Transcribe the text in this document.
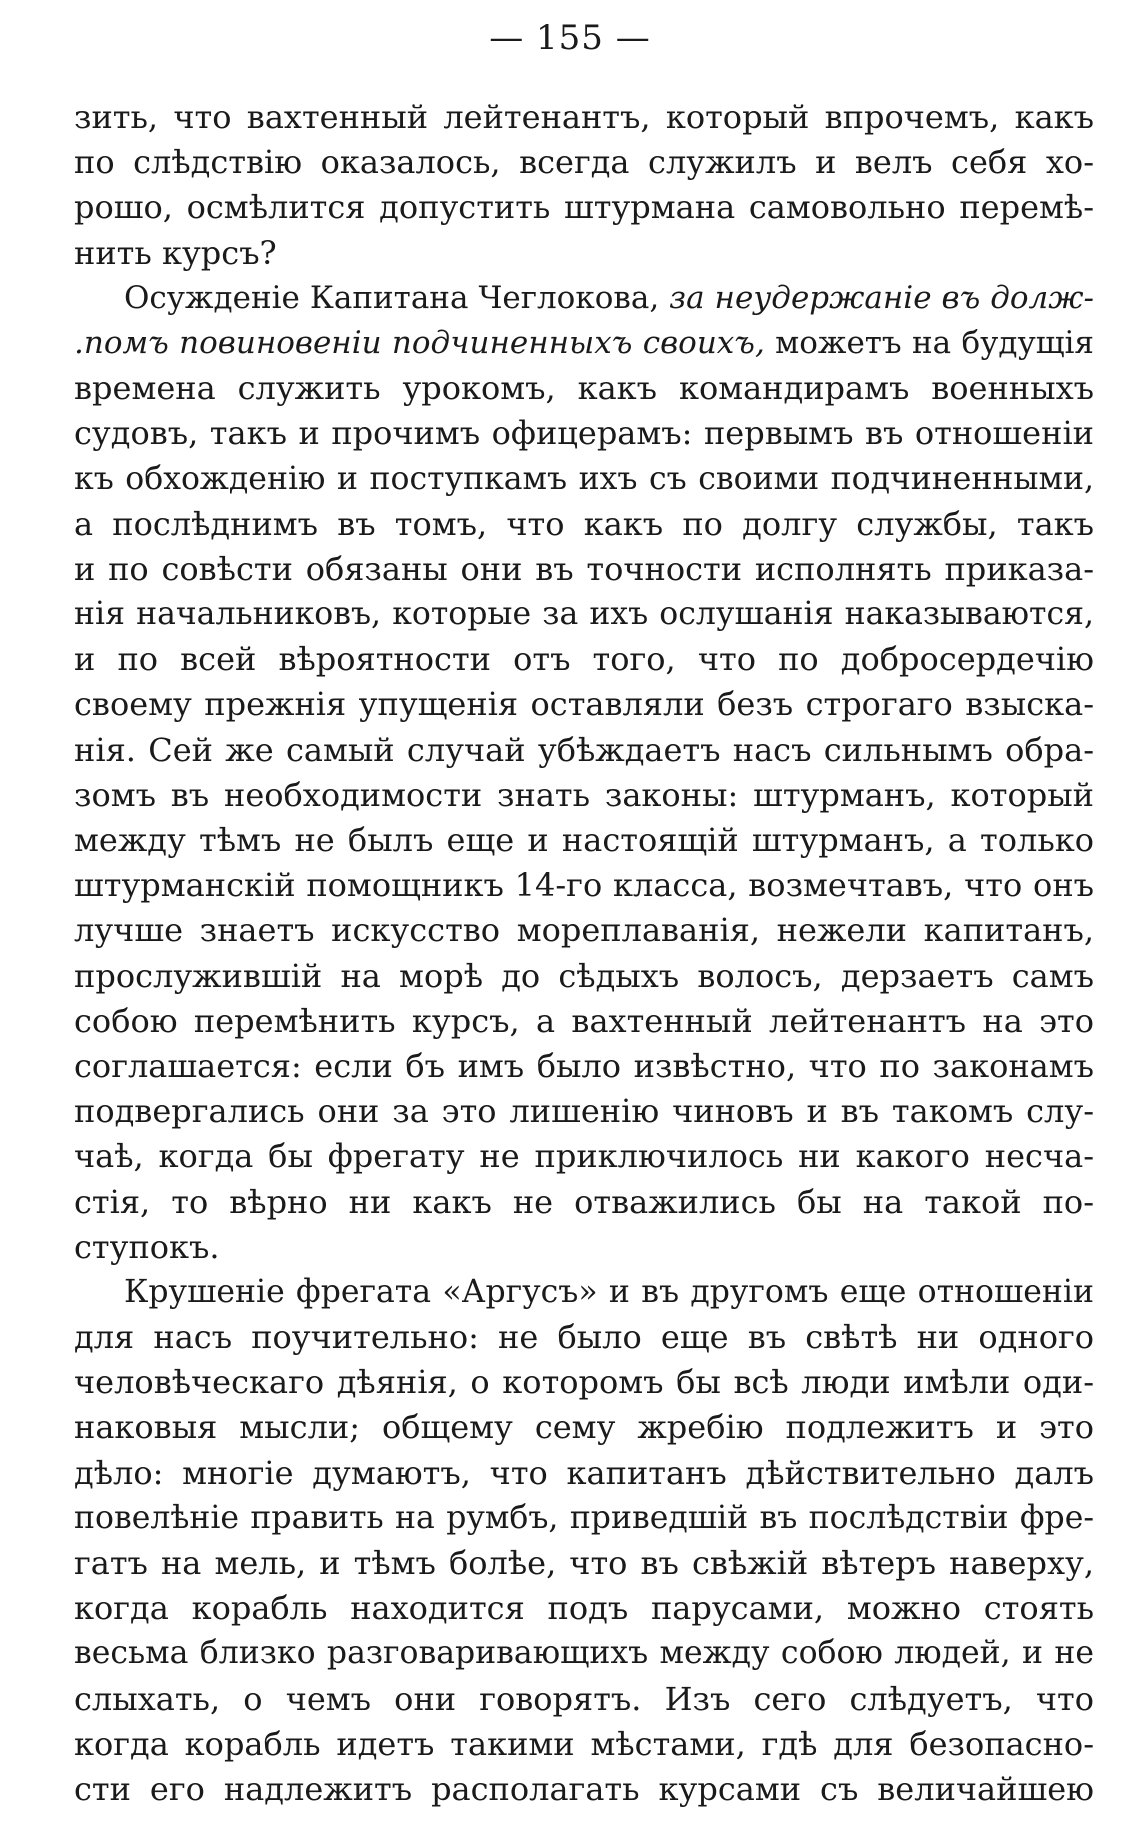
— 155 —
зить, что вахтенный лейтенантъ, который впрочемъ, какъ
по слѣдствію оказалось, всегда служилъ и велъ себя хо-
рошо, осмѣлится допустить штурмана самовольно перемѣ-
нить курсъ?
Осужденіе Капитана Чеглокова, за неудержаніе въ долж-
.помъ повиновеніи подчиненныхъ своихъ, можетъ на будущія
времена служить урокомъ, какъ командирамъ военныхъ
судовъ, такъ и прочимъ офицерамъ: первымъ въ отношеніи
къ обхожденію и поступкамъ ихъ съ своими подчиненными,
а послѣднимъ въ томъ, что какъ по долгу службы, такъ
и по совѣсти обязаны они въ точности исполнять приказа-
нія начальниковъ, которые за ихъ ослушанія наказываются,
и по всей вѣроятности отъ того, что по добросердечію
своему прежнія упущенія оставляли безъ строгаго взыска-
нія. Сей же самый случай убѣждаетъ насъ сильнымъ обра-
зомъ въ необходимости знать законы: штурманъ, который
между тѣмъ не былъ еще и настоящій штурманъ, а только
штурманскій помощникъ 14-го класса, возмечтавъ, что онъ
лучше знаетъ искусство мореплаванія, нежели капитанъ,
прослужившій на морѣ до сѣдыхъ волосъ, дерзаетъ самъ
собою перемѣнить курсъ, а вахтенный лейтенантъ на это
соглашается: если бъ имъ было извѣстно, что по законамъ
подвергались они за это лишенію чиновъ и въ такомъ слу-
чаѣ, когда бы фрегату не приключилось ни какого несча-
стія, то вѣрно ни какъ не отважились бы на такой по-
ступокъ.
Крушеніе фрегата «Аргусъ» и въ другомъ еще отношеніи
для насъ поучительно: не было еще въ свѣтѣ ни одного
человѣческаго дѣянія, о которомъ бы всѣ люди имѣли оди-
наковыя мысли; общему сему жребію подлежитъ и это
дѣло: многіе думаютъ, что капитанъ дѣйствительно далъ
повелѣніе править на румбъ, приведшій въ послѣдствіи фре-
гатъ на мель, и тѣмъ болѣе, что въ свѣжій вѣтеръ наверху,
когда корабль находится подъ парусами, можно стоять
весьма близко разговаривающихъ между собою людей, и не
слыхать, о чемъ они говорятъ. Изъ сего слѣдуетъ, что
когда корабль идетъ такими мѣстами, гдѣ для безопасно-
сти его надлежитъ располагать курсами съ величайшею
